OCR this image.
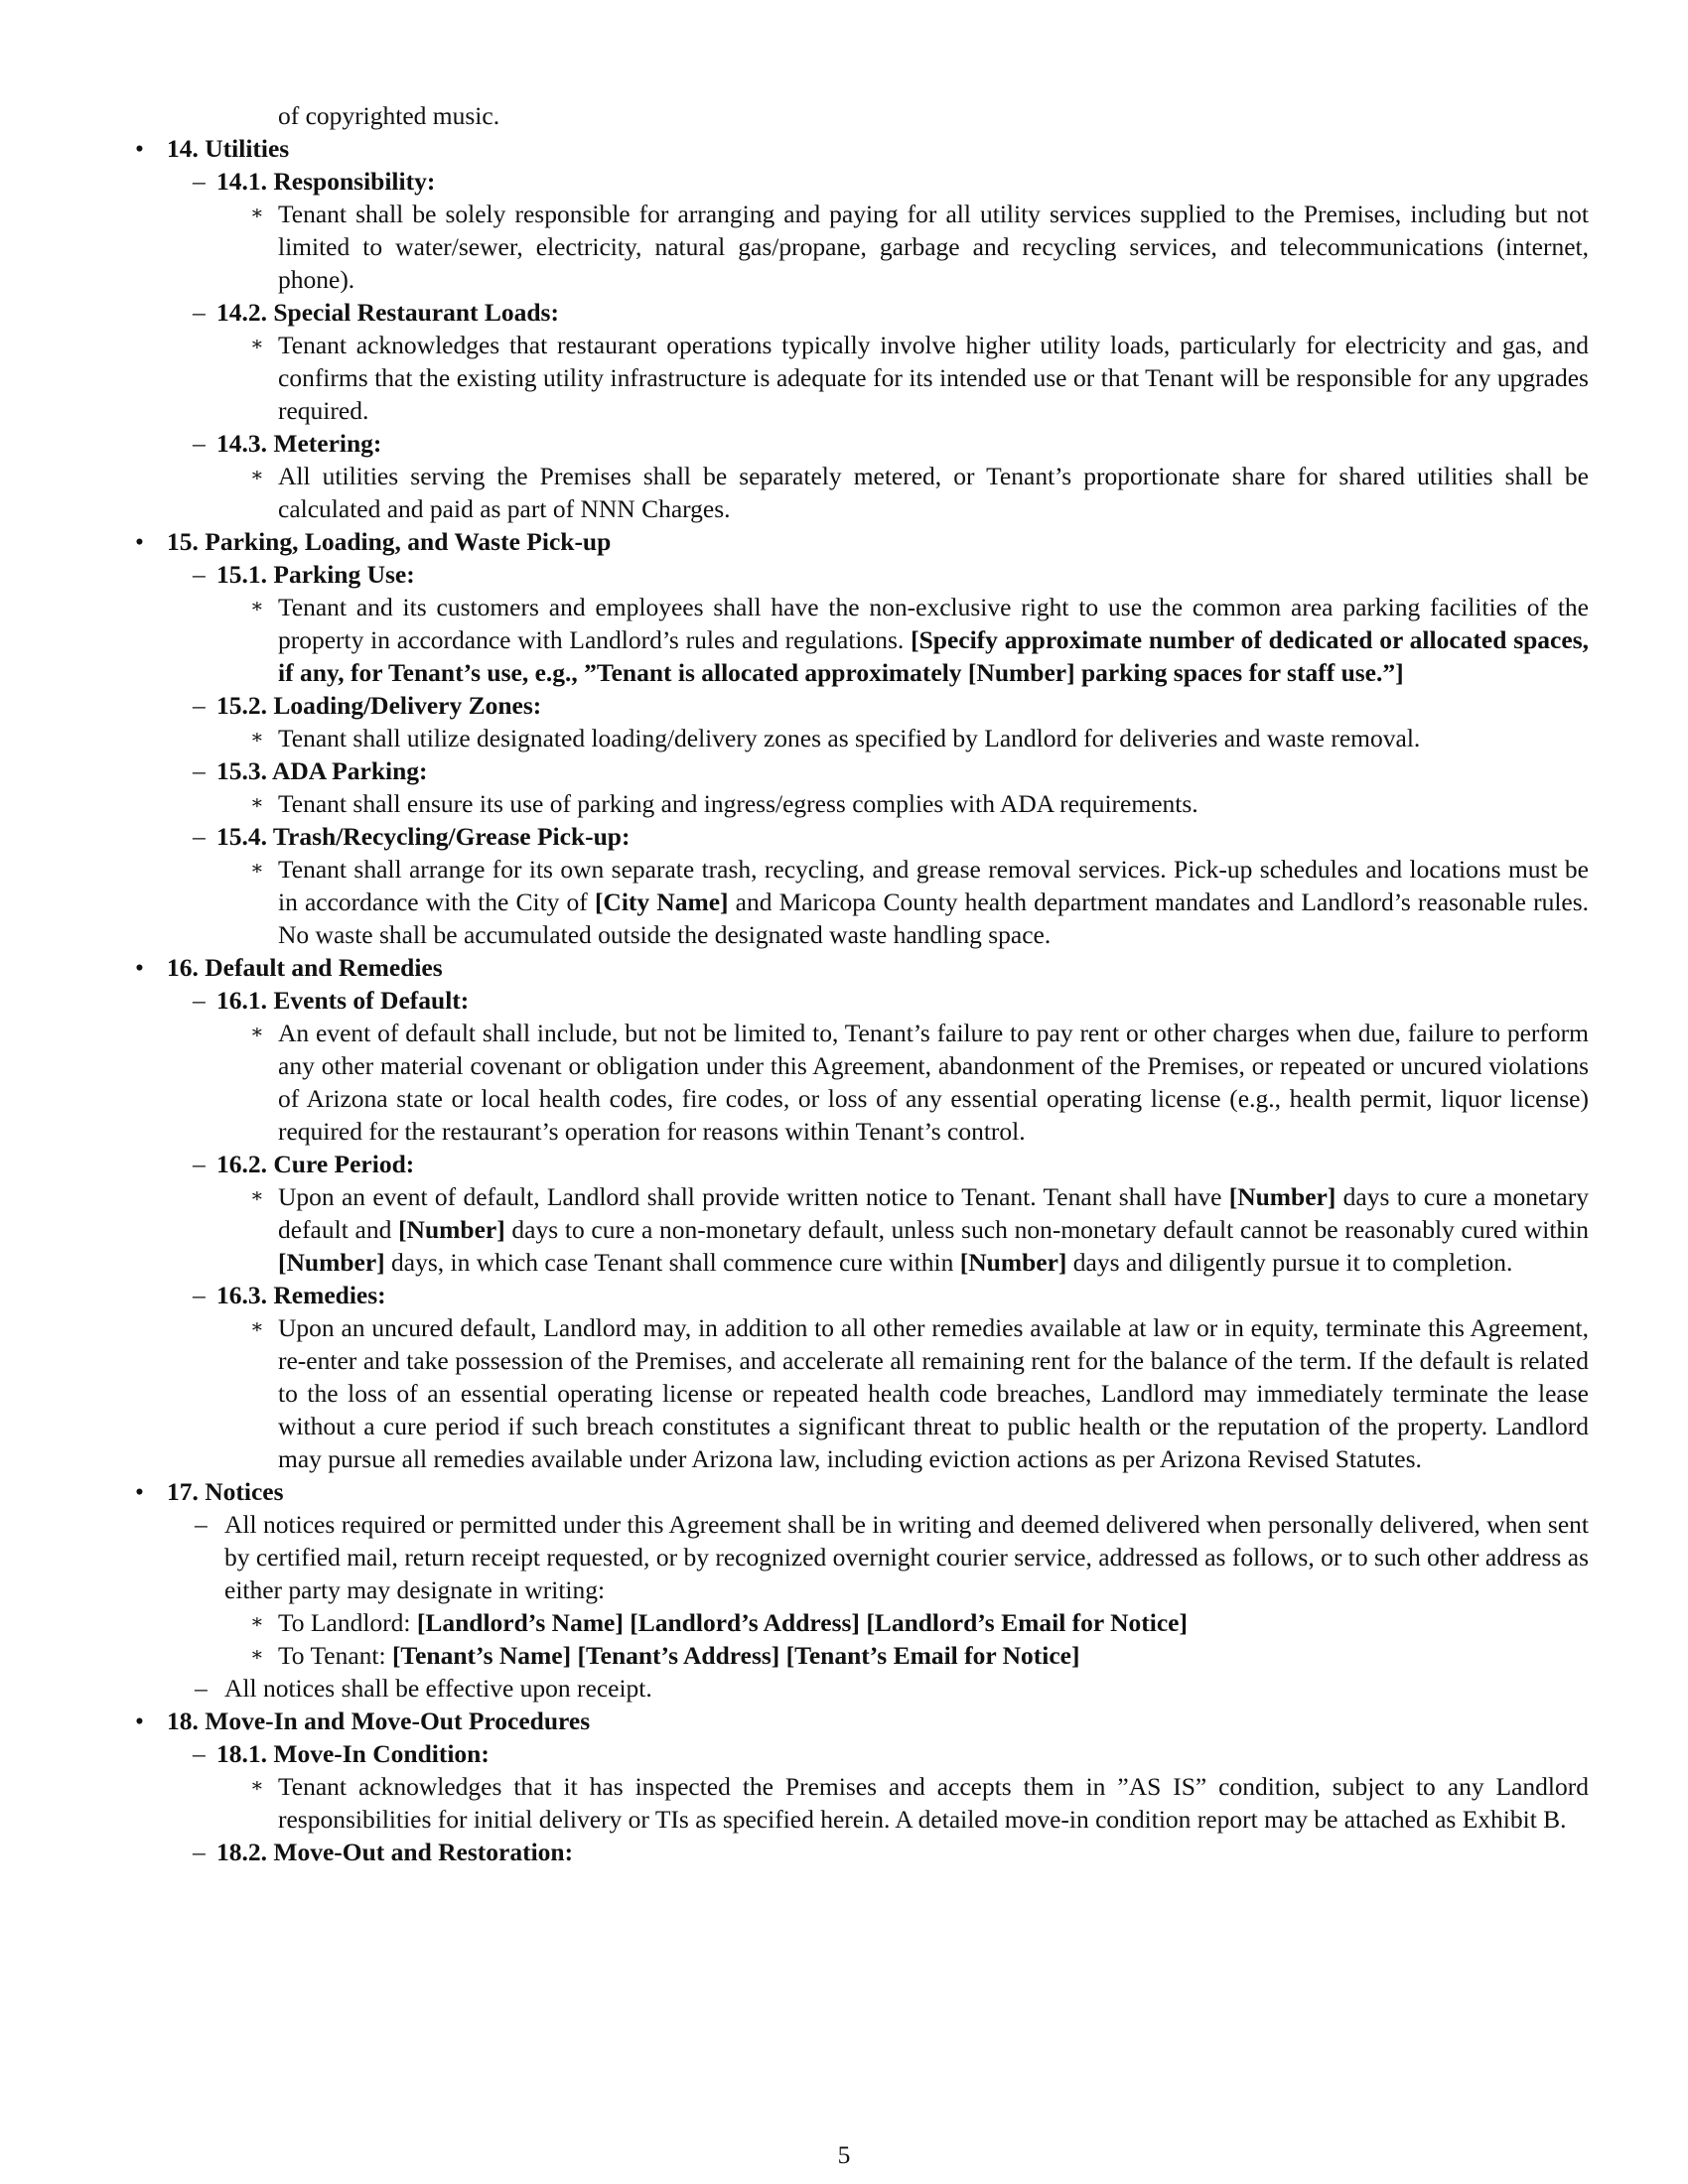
of copyrighted music.
• 14. Utilities
– 14.1. Responsibility:
∗ Tenant shall be solely responsible for arranging and paying for all utility services supplied to the Premises, including but not limited to water/sewer, electricity, natural gas/propane, garbage and recycling services, and telecommunications (internet, phone).
– 14.2. Special Restaurant Loads:
∗ Tenant acknowledges that restaurant operations typically involve higher utility loads, particularly for electricity and gas, and confirms that the existing utility infrastructure is adequate for its intended use or that Tenant will be responsible for any upgrades required.
– 14.3. Metering:
∗ All utilities serving the Premises shall be separately metered, or Tenant’s proportionate share for shared utilities shall be calculated and paid as part of NNN Charges.
• 15. Parking, Loading, and Waste Pick-up
– 15.1. Parking Use:
∗ Tenant and its customers and employees shall have the non-exclusive right to use the common area parking facilities of the property in accordance with Landlord’s rules and regulations. [Specify approximate number of dedicated or allocated spaces, if any, for Tenant’s use, e.g., ”Tenant is allocated approximately [Number] parking spaces for staff use.”]
– 15.2. Loading/Delivery Zones:
∗ Tenant shall utilize designated loading/delivery zones as specified by Landlord for deliveries and waste removal.
– 15.3. ADA Parking:
∗ Tenant shall ensure its use of parking and ingress/egress complies with ADA requirements.
– 15.4. Trash/Recycling/Grease Pick-up:
∗ Tenant shall arrange for its own separate trash, recycling, and grease removal services. Pick-up schedules and locations must be in accordance with the City of [City Name] and Maricopa County health department mandates and Landlord’s reasonable rules. No waste shall be accumulated outside the designated waste handling space.
• 16. Default and Remedies
– 16.1. Events of Default:
∗ An event of default shall include, but not be limited to, Tenant’s failure to pay rent or other charges when due, failure to perform any other material covenant or obligation under this Agreement, abandonment of the Premises, or repeated or uncured violations of Arizona state or local health codes, fire codes, or loss of any essential operating license (e.g., health permit, liquor license) required for the restaurant’s operation for reasons within Tenant’s control.
– 16.2. Cure Period:
∗ Upon an event of default, Landlord shall provide written notice to Tenant. Tenant shall have [Number] days to cure a monetary default and [Number] days to cure a non-monetary default, unless such non-monetary default cannot be reasonably cured within [Number] days, in which case Tenant shall commence cure within [Number] days and diligently pursue it to completion.
– 16.3. Remedies:
∗ Upon an uncured default, Landlord may, in addition to all other remedies available at law or in equity, terminate this Agreement, re-enter and take possession of the Premises, and accelerate all remaining rent for the balance of the term. If the default is related to the loss of an essential operating license or repeated health code breaches, Landlord may immediately terminate the lease without a cure period if such breach constitutes a significant threat to public health or the reputation of the property. Landlord may pursue all remedies available under Arizona law, including eviction actions as per Arizona Revised Statutes.
• 17. Notices
– All notices required or permitted under this Agreement shall be in writing and deemed delivered when personally delivered, when sent by certified mail, return receipt requested, or by recognized overnight courier service, addressed as follows, or to such other address as either party may designate in writing:
∗ To Landlord: [Landlord’s Name] [Landlord’s Address] [Landlord’s Email for Notice]
∗ To Tenant: [Tenant’s Name] [Tenant’s Address] [Tenant’s Email for Notice]
– All notices shall be effective upon receipt.
• 18. Move-In and Move-Out Procedures
– 18.1. Move-In Condition:
∗ Tenant acknowledges that it has inspected the Premises and accepts them in ”AS IS” condition, subject to any Landlord responsibilities for initial delivery or TIs as specified herein. A detailed move-in condition report may be attached as Exhibit B.
– 18.2. Move-Out and Restoration:
5
